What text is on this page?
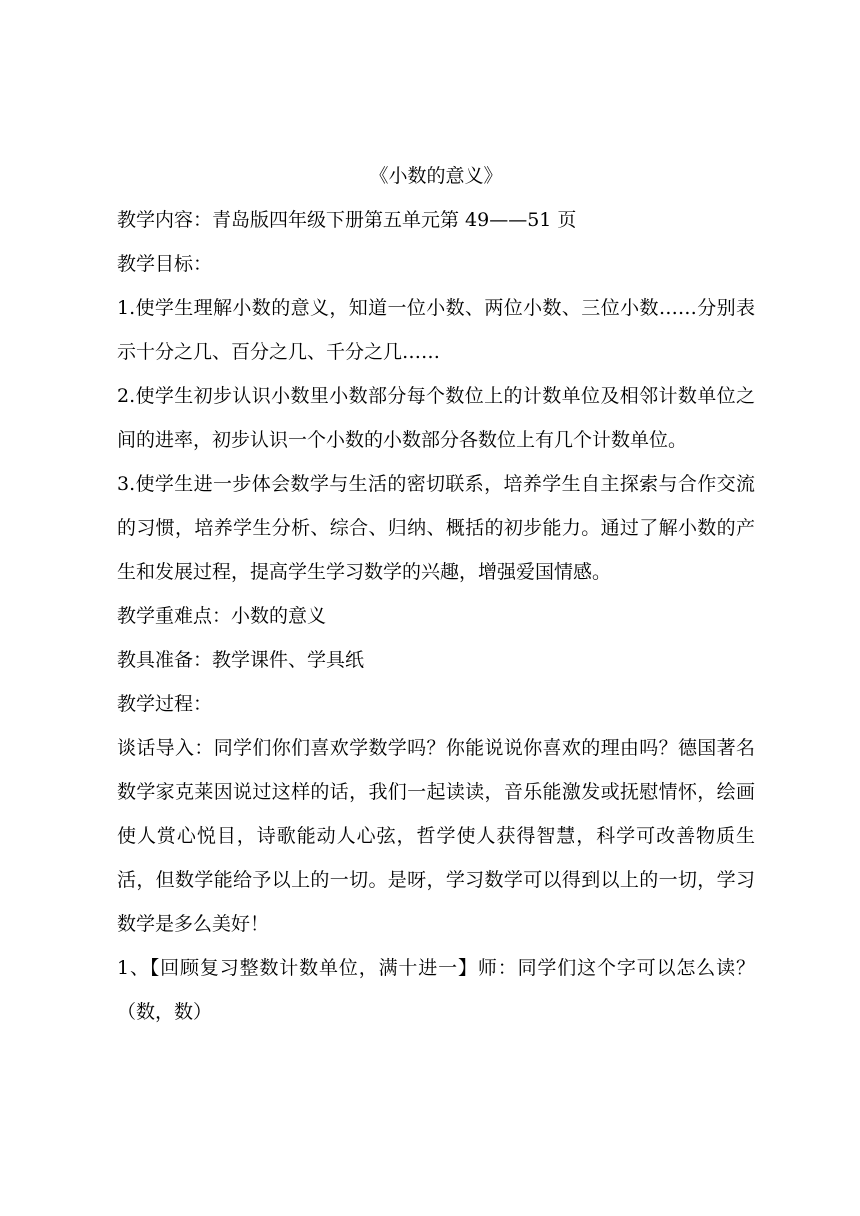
《小数的意义》
教学内容：青岛版四年级下册第五单元第 49——51 页
教学目标：
1.使学生理解小数的意义，知道一位小数、两位小数、三位小数……分别表示十分之几、百分之几、千分之几……
2.使学生初步认识小数里小数部分每个数位上的计数单位及相邻计数单位之间的进率，初步认识一个小数的小数部分各数位上有几个计数单位。
3.使学生进一步体会数学与生活的密切联系，培养学生自主探索与合作交流的习惯，培养学生分析、综合、归纳、概括的初步能力。通过了解小数的产生和发展过程，提高学生学习数学的兴趣，增强爱国情感。
教学重难点：小数的意义
教具准备：教学课件、学具纸
教学过程：
谈话导入：同学们你们喜欢学数学吗？你能说说你喜欢的理由吗？德国著名数学家克莱因说过这样的话，我们一起读读，音乐能激发或抚慰情怀，绘画使人赏心悦目，诗歌能动人心弦，哲学使人获得智慧，科学可改善物质生活，但数学能给予以上的一切。是呀，学习数学可以得到以上的一切，学习数学是多么美好！
1、【回顾复习整数计数单位，满十进一】师：同学们这个字可以怎么读？（数，数）
